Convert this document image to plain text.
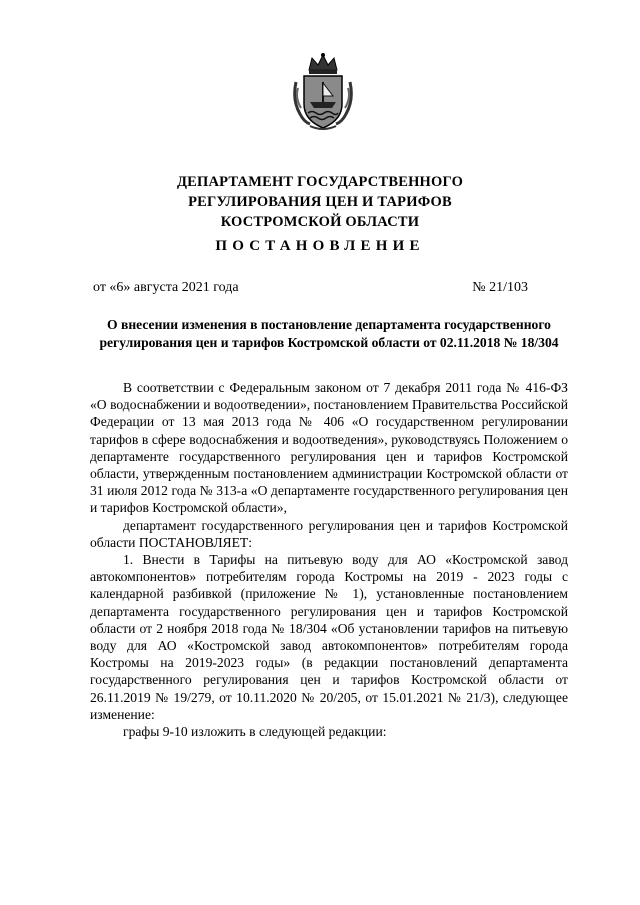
ДЕПАРТАМЕНТ ГОСУДАРСТВЕННОГО
РЕГУЛИРОВАНИЯ ЦЕН И ТАРИФОВ
КОСТРОМСКОЙ ОБЛАСТИ
ПОСТАНОВЛЕНИЕ
от «6» августа 2021 года	№ 21/103
О внесении изменения в постановление департамента государственного регулирования цен и тарифов Костромской области от 02.11.2018 № 18/304

В соответствии с Федеральным законом от 7 декабря 2011 года № 416-ФЗ «О водоснабжении и водоотведении», постановлением Правительства Российской Федерации от 13 мая 2013 года № 406 «О государственном регулировании тарифов в сфере водоснабжения и водоотведения», руководствуясь Положением о департаменте государственного регулирования цен и тарифов Костромской области, утвержденным постановлением администрации Костромской области от 31 июля 2012 года № 313-а «О департаменте государственного регулирования цен и тарифов Костромской области»,

департамент государственного регулирования цен и тарифов Костромской области ПОСТАНОВЛЯЕТ:

1. Внести в Тарифы на питьевую воду для АО «Костромской завод автокомпонентов» потребителям города Костромы на 2019 - 2023 годы с календарной разбивкой (приложение № 1), установленные постановлением департамента государственного регулирования цен и тарифов Костромской области от 2 ноября 2018 года № 18/304 «Об установлении тарифов на питьевую воду для АО «Костромской завод автокомпонентов» потребителям города Костромы на 2019-2023 годы» (в редакции постановлений департамента государственного регулирования цен и тарифов Костромской области от 26.11.2019 № 19/279, от 10.11.2020 № 20/205, от 15.01.2021 № 21/3), следующее изменение:

графы 9-10 изложить в следующей редакции:
